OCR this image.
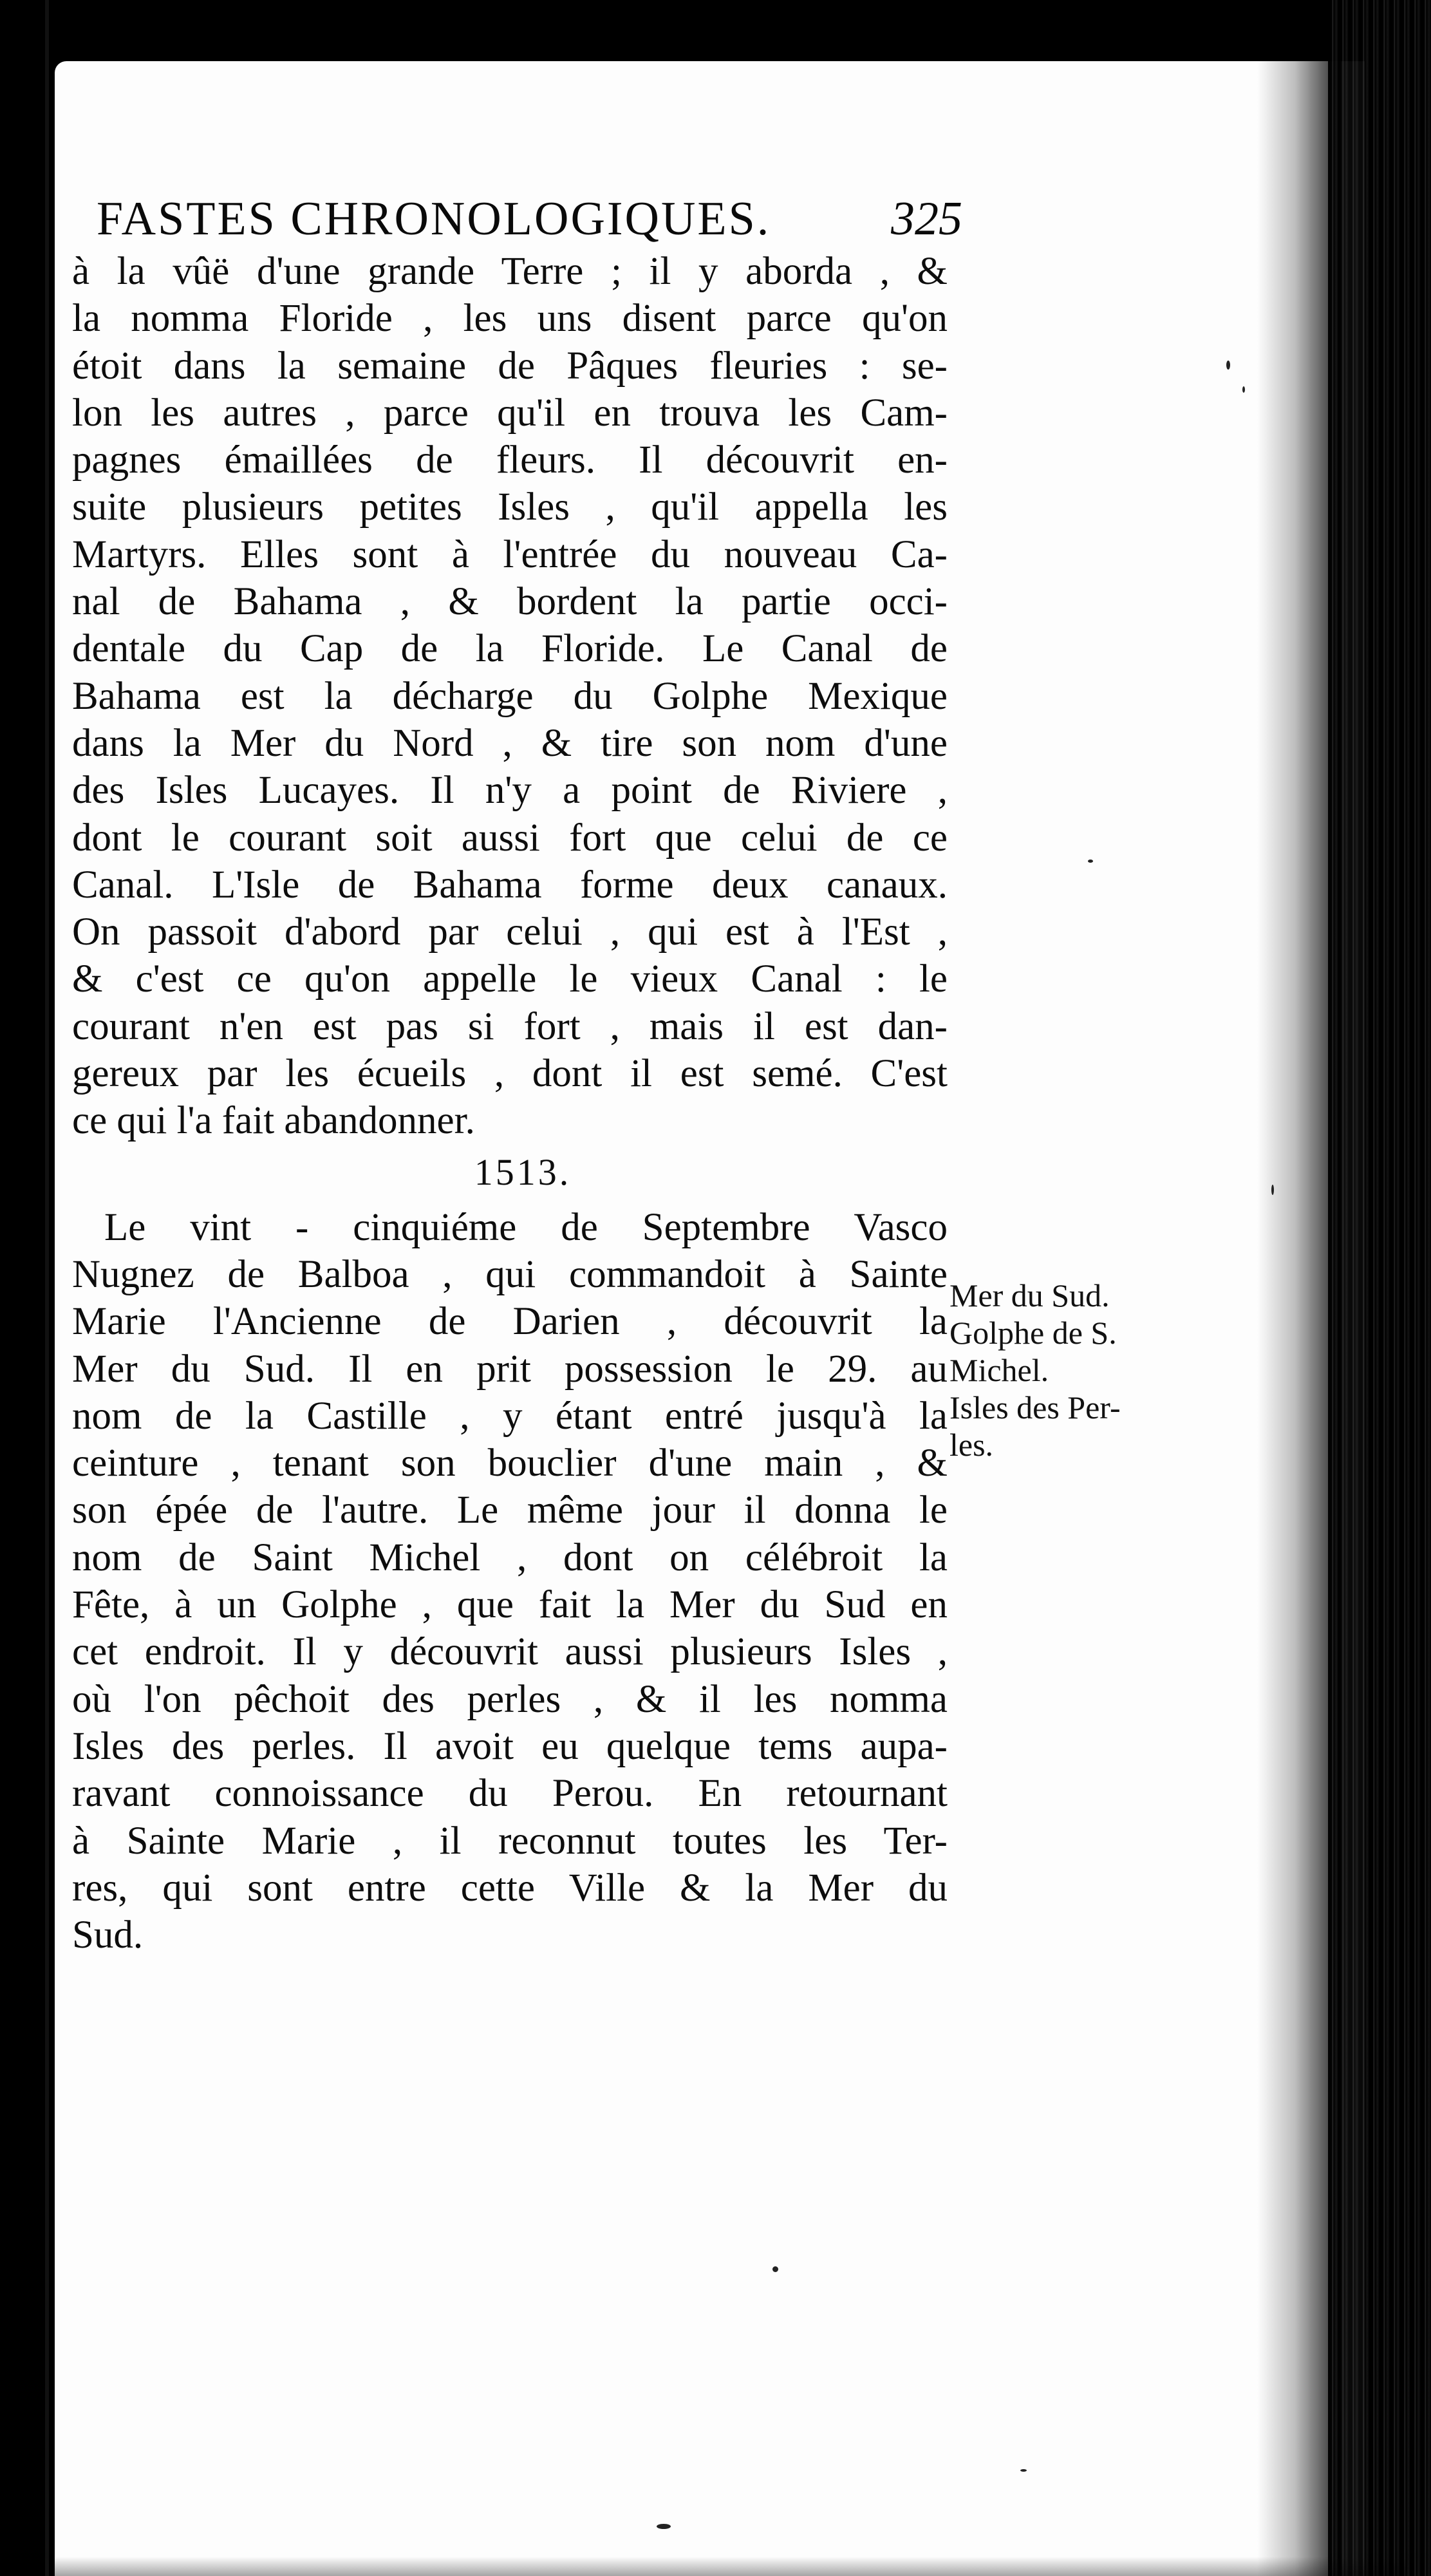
FASTES CHRONOLOGIQUES.	325
à la vûë d'une grande Terre ; il y aborda , &
la nomma Floride , les uns disent parce qu'on
étoit dans la semaine de Pâques fleuries : se-
lon les autres , parce qu'il en trouva les Cam-
pagnes émaillées de fleurs. Il découvrit en-
suite plusieurs petites Isles , qu'il appella les
Martyrs. Elles sont à l'entrée du nouveau Ca-
nal de Bahama , & bordent la partie occi-
dentale du Cap de la Floride. Le Canal de
Bahama est la décharge du Golphe Mexique
dans la Mer du Nord , & tire son nom d'une
des Isles Lucayes. Il n'y a point de Riviere ,
dont le courant soit aussi fort que celui de ce
Canal. L'Isle de Bahama forme deux canaux.
On passoit d'abord par celui , qui est à l'Est ,
& c'est ce qu'on appelle le vieux Canal : le
courant n'en est pas si fort , mais il est dan-
gereux par les écueils , dont il est semé. C'est
ce qui l'a fait abandonner.
1513.
Le vint - cinquiéme de Septembre Vasco
Nugnez de Balboa , qui commandoit à Sainte
Marie l'Ancienne de Darien , découvrit la
Mer du Sud. Il en prit possession le 29. au
nom de la Castille , y étant entré jusqu'à la
ceinture , tenant son bouclier d'une main , &
son épée de l'autre. Le même jour il donna le
nom de Saint Michel , dont on célébroit la
Fête, à un Golphe , que fait la Mer du Sud en
cet endroit. Il y découvrit aussi plusieurs Isles ,
où l'on pêchoit des perles , & il les nomma
Isles des perles. Il avoit eu quelque tems aupa-
ravant connoissance du Perou. En retournant
à Sainte Marie , il reconnut toutes les Ter-
res, qui sont entre cette Ville & la Mer du
Sud.
Mer du Sud.
Golphe de S.
Michel.
Isles des Per-
les.
